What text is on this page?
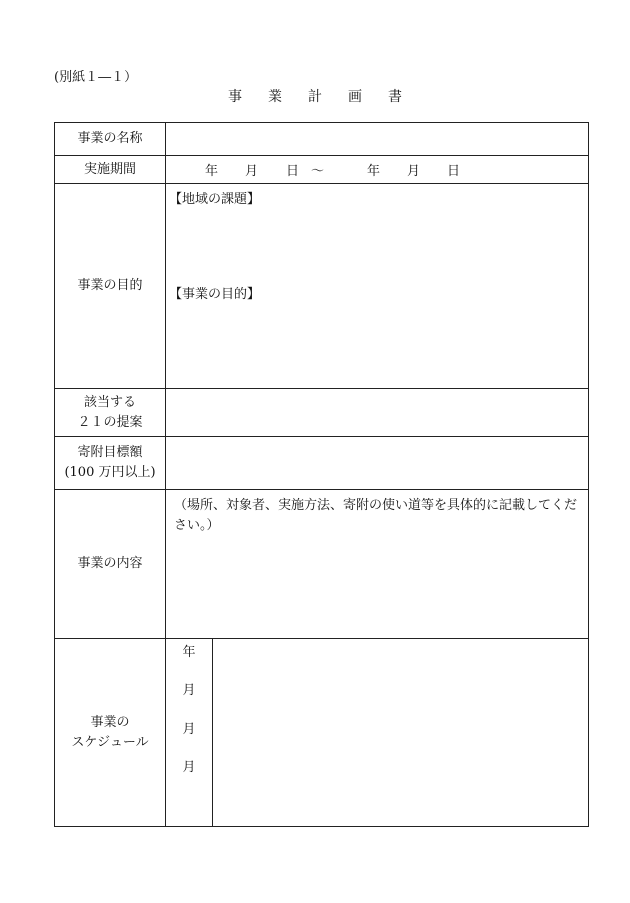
(別紙１―１）
事業計画書
事業の名称
実施期間	年 月 日 〜	年 月 日
事業の目的
【地域の課題】
【事業の目的】
該当する
２１の提案
寄附目標額
(100 万円以上)
事業の内容
（場所、対象者、実施方法、寄附の使い道等を具体的に記載してください。）
事業の
スケジュール
年
月
月
月
